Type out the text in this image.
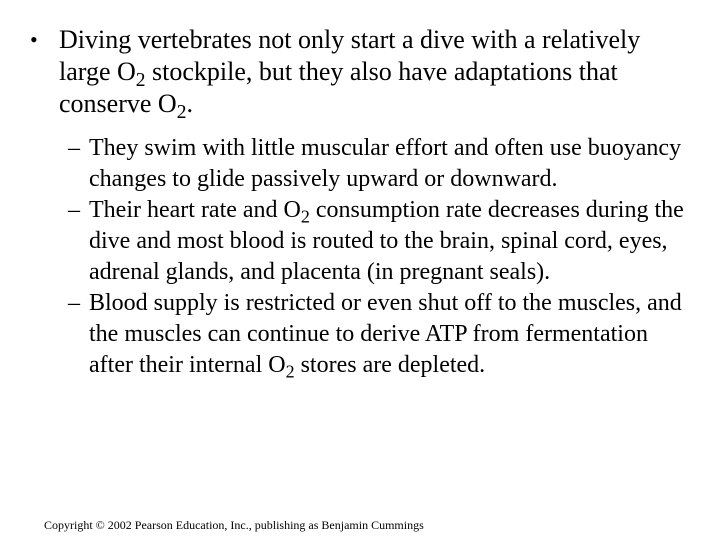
• Diving vertebrates not only start a dive with a relatively large $O_2$ stockpile, but they also have adaptations that conserve $O_2$.
– They swim with little muscular effort and often use buoyancy changes to glide passively upward or downward.
– Their heart rate and $O_2$ consumption rate decreases during the dive and most blood is routed to the brain, spinal cord, eyes, adrenal glands, and placenta (in pregnant seals).
– Blood supply is restricted or even shut off to the muscles, and the muscles can continue to derive ATP from fermentation after their internal $O_2$ stores are depleted.
Copyright © 2002 Pearson Education, Inc., publishing as Benjamin Cummings
